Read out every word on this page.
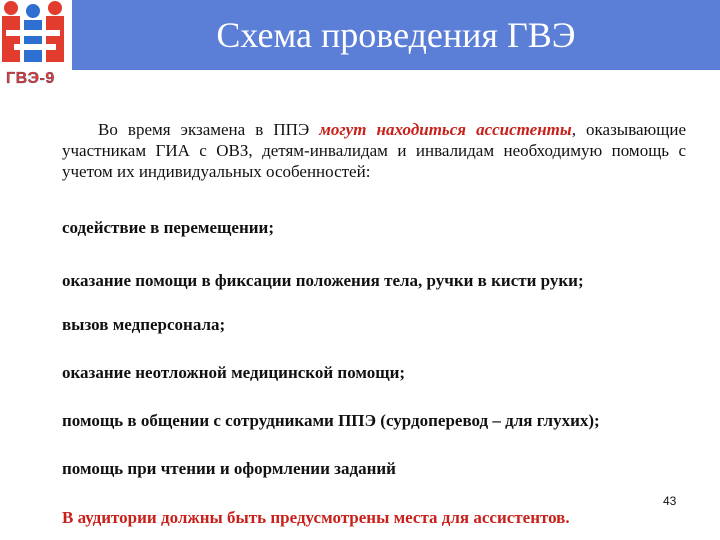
Схема проведения ГВЭ
ГВЭ-9

Во время экзамена в ППЭ могут находиться ассистенты, оказывающие участникам ГИА с ОВЗ, детям-инвалидам и инвалидам необходимую помощь с учетом их индивидуальных особенностей:

содействие в перемещении;

оказание помощи в фиксации положения тела, ручки в кисти руки;

вызов медперсонала;

оказание неотложной медицинской помощи;

помощь в общении с сотрудниками ППЭ (сурдоперевод – для глухих);

помощь при чтении и оформлении заданий

43
В аудитории должны быть предусмотрены места для ассистентов.
